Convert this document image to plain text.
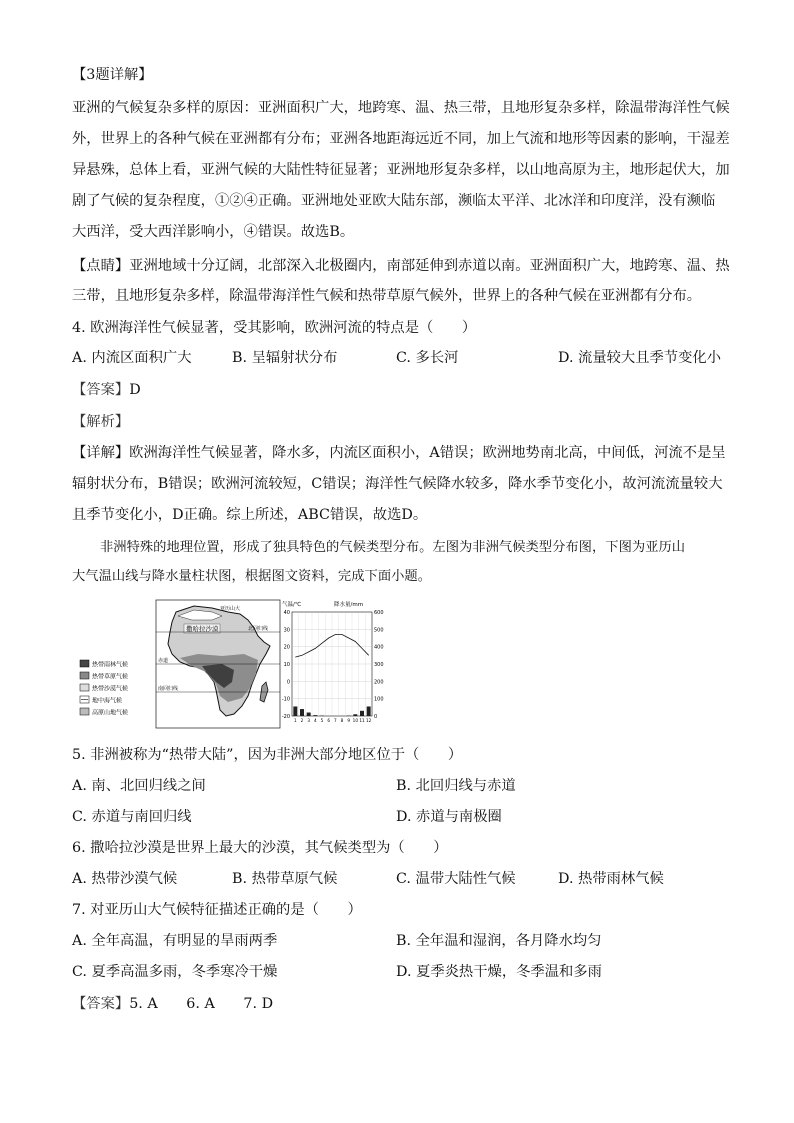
【3题详解】
亚洲的气候复杂多样的原因：亚洲面积广大，地跨寒、温、热三带，且地形复杂多样，除温带海洋性气候
外，世界上的各种气候在亚洲都有分布；亚洲各地距海远近不同，加上气流和地形等因素的影响，干湿差
异悬殊，总体上看，亚洲气候的大陆性特征显著；亚洲地形复杂多样，以山地高原为主，地形起伏大，加
剧了气候的复杂程度，①②④正确。亚洲地处亚欧大陆东部，濒临太平洋、北冰洋和印度洋，没有濒临
大西洋，受大西洋影响小，④错误。故选B。
【点睛】亚洲地域十分辽阔，北部深入北极圈内，南部延伸到赤道以南。亚洲面积广大，地跨寒、温、热
三带，且地形复杂多样，除温带海洋性气候和热带草原气候外，世界上的各种气候在亚洲都有分布。
4. 欧洲海洋性气候显著，受其影响，欧洲河流的特点是（　　）
A. 内流区面积广大	B. 呈辐射状分布	C. 多长河	D. 流量较大且季节变化小
【答案】D
【解析】
【详解】欧洲海洋性气候显著，降水多，内流区面积小，A错误；欧洲地势南北高，中间低，河流不是呈
辐射状分布，B错误；欧洲河流较短，C错误；海洋性气候降水较多，降水季节变化小，故河流流量较大
且季节变化小，D正确。综上所述，ABC错误，故选D。
非洲特殊的地理位置，形成了独具特色的气候类型分布。左图为非洲气候类型分布图，下图为亚历山
大气温山线与降水量柱状图，根据图文资料，完成下面小题。
热带雨林气候
热带草原气候
热带沙漠气候
地中海气候
高原山地气候
撒哈拉沙漠
亚历山大
北回归线
赤道
南回归线
气温/℃	降水量/mm
40
30
20
10
0
-10
-20
600
500
400
300
200
100
0
1 2 3 4 5 6 7 8 9 10 11 12
5. 非洲被称为“热带大陆”，因为非洲大部分地区位于（　　）
A. 南、北回归线之间	B. 北回归线与赤道
C. 赤道与南回归线	D. 赤道与南极圈
6. 撒哈拉沙漠是世界上最大的沙漠，其气候类型为（　　）
A. 热带沙漠气候	B. 热带草原气候	C. 温带大陆性气候	D. 热带雨林气候
7. 对亚历山大气候特征描述正确的是（　　）
A. 全年高温，有明显的旱雨两季	B. 全年温和湿润，各月降水均匀
C. 夏季高温多雨，冬季寒冷干燥	D. 夏季炎热干燥，冬季温和多雨
【答案】5. A　　6. A　　7. D
